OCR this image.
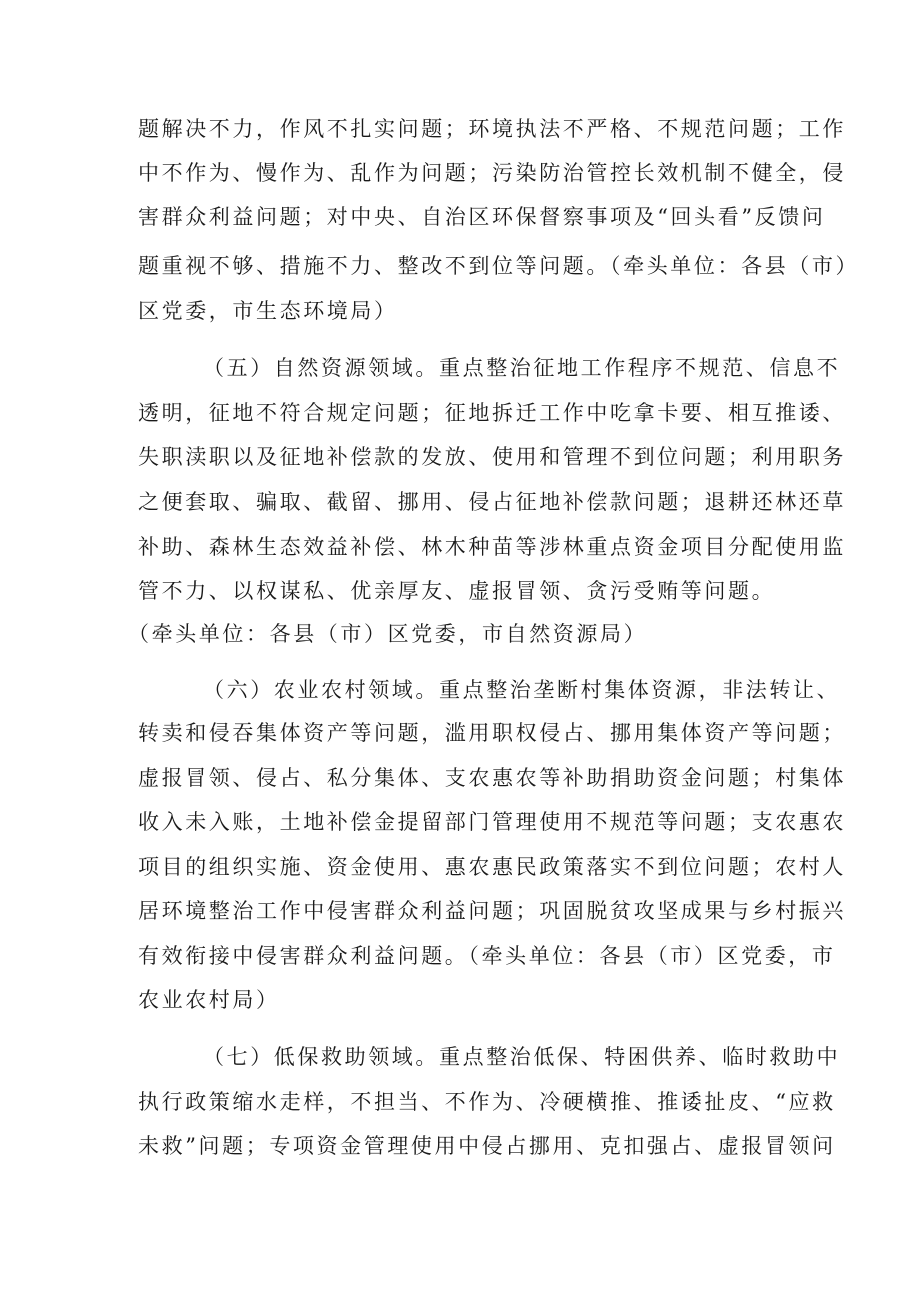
题解决不力，作风不扎实问题；环境执法不严格、不规范问题；工作
中不作为、慢作为、乱作为问题；污染防治管控长效机制不健全，侵
害群众利益问题；对中央、自治区环保督察事项及“回头看”反馈问
题重视不够、措施不力、整改不到位等问题。（牵头单位：各县（市）
区党委，市生态环境局）
（五）自然资源领域。重点整治征地工作程序不规范、信息不
透明，征地不符合规定问题；征地拆迁工作中吃拿卡要、相互推诿、
失职渎职以及征地补偿款的发放、使用和管理不到位问题；利用职务
之便套取、骗取、截留、挪用、侵占征地补偿款问题；退耕还林还草
补助、森林生态效益补偿、林木种苗等涉林重点资金项目分配使用监
管不力、以权谋私、优亲厚友、虚报冒领、贪污受贿等问题。
（牵头单位：各县（市）区党委，市自然资源局）
（六）农业农村领域。重点整治垄断村集体资源，非法转让、
转卖和侵吞集体资产等问题，滥用职权侵占、挪用集体资产等问题；
虚报冒领、侵占、私分集体、支农惠农等补助捐助资金问题；村集体
收入未入账，土地补偿金提留部门管理使用不规范等问题；支农惠农
项目的组织实施、资金使用、惠农惠民政策落实不到位问题；农村人
居环境整治工作中侵害群众利益问题；巩固脱贫攻坚成果与乡村振兴
有效衔接中侵害群众利益问题。（牵头单位：各县（市）区党委，市
农业农村局）
（七）低保救助领域。重点整治低保、特困供养、临时救助中
执行政策缩水走样，不担当、不作为、冷硬横推、推诿扯皮、“应救
未救”问题；专项资金管理使用中侵占挪用、克扣强占、虚报冒领问
